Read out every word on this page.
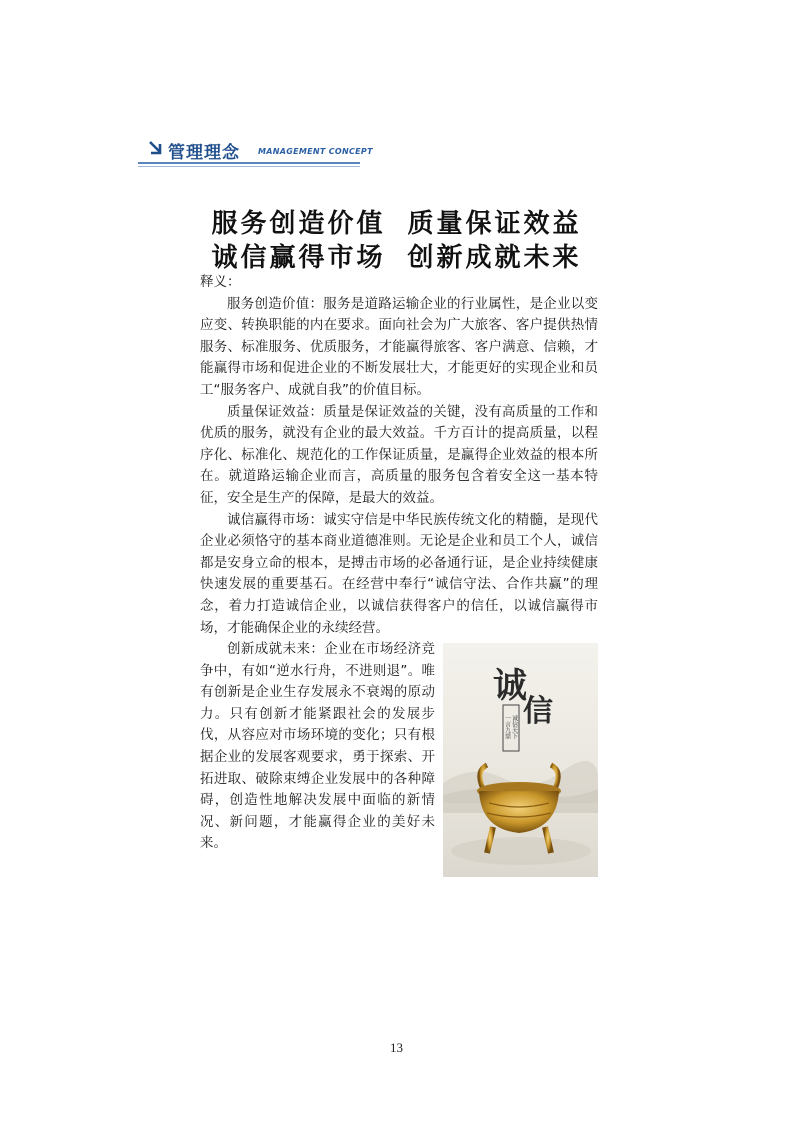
管理理念 MANAGEMENT CONCEPT
服务创造价值 质量保证效益
诚信赢得市场 创新成就未来

释义：

服务创造价值：服务是道路运输企业的行业属性，是企业以变应变、转换职能的内在要求。面向社会为广大旅客、客户提供热情服务、标准服务、优质服务，才能赢得旅客、客户满意、信赖，才能赢得市场和促进企业的不断发展壮大，才能更好的实现企业和员工“服务客户、成就自我”的价值目标。

质量保证效益：质量是保证效益的关键，没有高质量的工作和优质的服务，就没有企业的最大效益。千方百计的提高质量，以程序化、标准化、规范化的工作保证质量，是赢得企业效益的根本所在。就道路运输企业而言，高质量的服务包含着安全这一基本特征，安全是生产的保障，是最大的效益。

诚信赢得市场：诚实守信是中华民族传统文化的精髓，是现代企业必须恪守的基本商业道德准则。无论是企业和员工个人，诚信都是安身立命的根本，是搏击市场的必备通行证，是企业持续健康快速发展的重要基石。在经营中奉行“诚信守法、合作共赢”的理念，着力打造诚信企业，以诚信获得客户的信任，以诚信赢得市场，才能确保企业的永续经营。

诚
信
一言九鼎 诚信天下

创新成就未来：企业在市场经济竞争中，有如“逆水行舟，不进则退”。唯有创新是企业生存发展永不衰竭的原动力。只有创新才能紧跟社会的发展步伐，从容应对市场环境的变化；只有根据企业的发展客观要求，勇于探索、开拓进取、破除束缚企业发展中的各种障碍，创造性地解决发展中面临的新情况、新问题，才能赢得企业的美好未来。

13
